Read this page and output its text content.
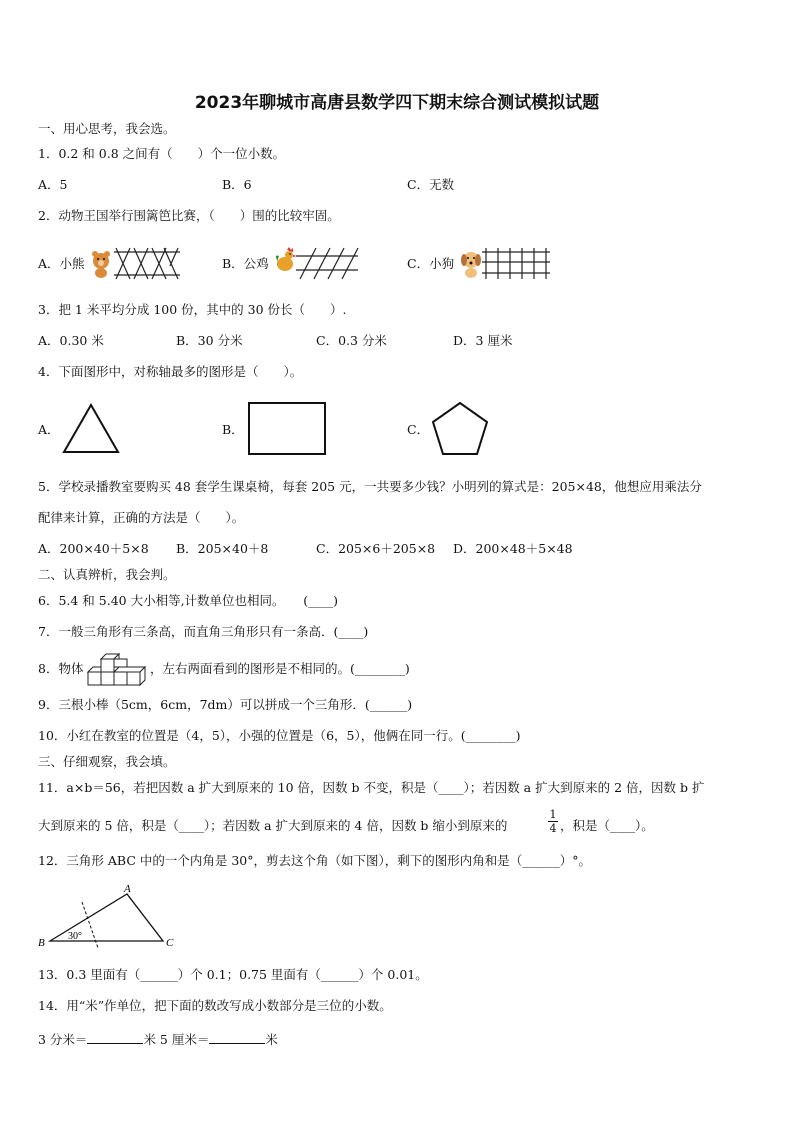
2023年聊城市高唐县数学四下期末综合测试模拟试题
一、用心思考，我会选。
1．0.2 和 0.8 之间有（　　）个一位小数。
A．5	B．6	C．无数
2．动物王国举行围篱笆比赛，（　　）围的比较牢固。
A．小熊	B．公鸡	C．小狗
3．把 1 米平均分成 100 份，其中的 30 份长（　　）.
A．0.30 米	B．30 分米	C．0.3 分米	D．3 厘米
4．下面图形中，对称轴最多的图形是（　　）。
A．	B．	C．
5．学校录播教室要购买 48 套学生课桌椅，每套 205 元，一共要多少钱？小明列的算式是：205×48，他想应用乘法分
配律来计算，正确的方法是（　　）。
A．200×40＋5×8 B．205×40＋8	C．205×6＋205×8 D．200×48＋5×48
二、认真辨析，我会判。
6．5.4 和 5.40 大小相等,计数单位也相同。　　(____)
7．一般三角形有三条高，而直角三角形只有一条高．(____)
8．物体	，左右两面看到的图形是不相同的。(________)
9．三根小棒（5cm，6cm，7dm）可以拼成一个三角形．(______)
10．小红在教室的位置是（4，5），小强的位置是（6，5），他俩在同一行。(________)
三、仔细观察，我会填。
11．a×b＝56，若把因数 a 扩大到原来的 10 倍，因数 b 不变，积是（____）；若因数 a 扩大到原来的 2 倍，因数 b 扩
大到原来的 5 倍，积是（____）；若因数 a 扩大到原来的 4 倍，因数 b 缩小到原来的
1
4 ，积是（____）。
12．三角形 ABC 中的一个内角是 30°，剪去这个角（如下图），剩下的图形内角和是（______）°。
A
B	C
30°
13．0.3 里面有（______）个 0.1；0.75 里面有（______）个 0.01。
14．用“米”作单位，把下面的数改写成小数部分是三位的小数。
3 分米＝	米 5 厘米＝	米
